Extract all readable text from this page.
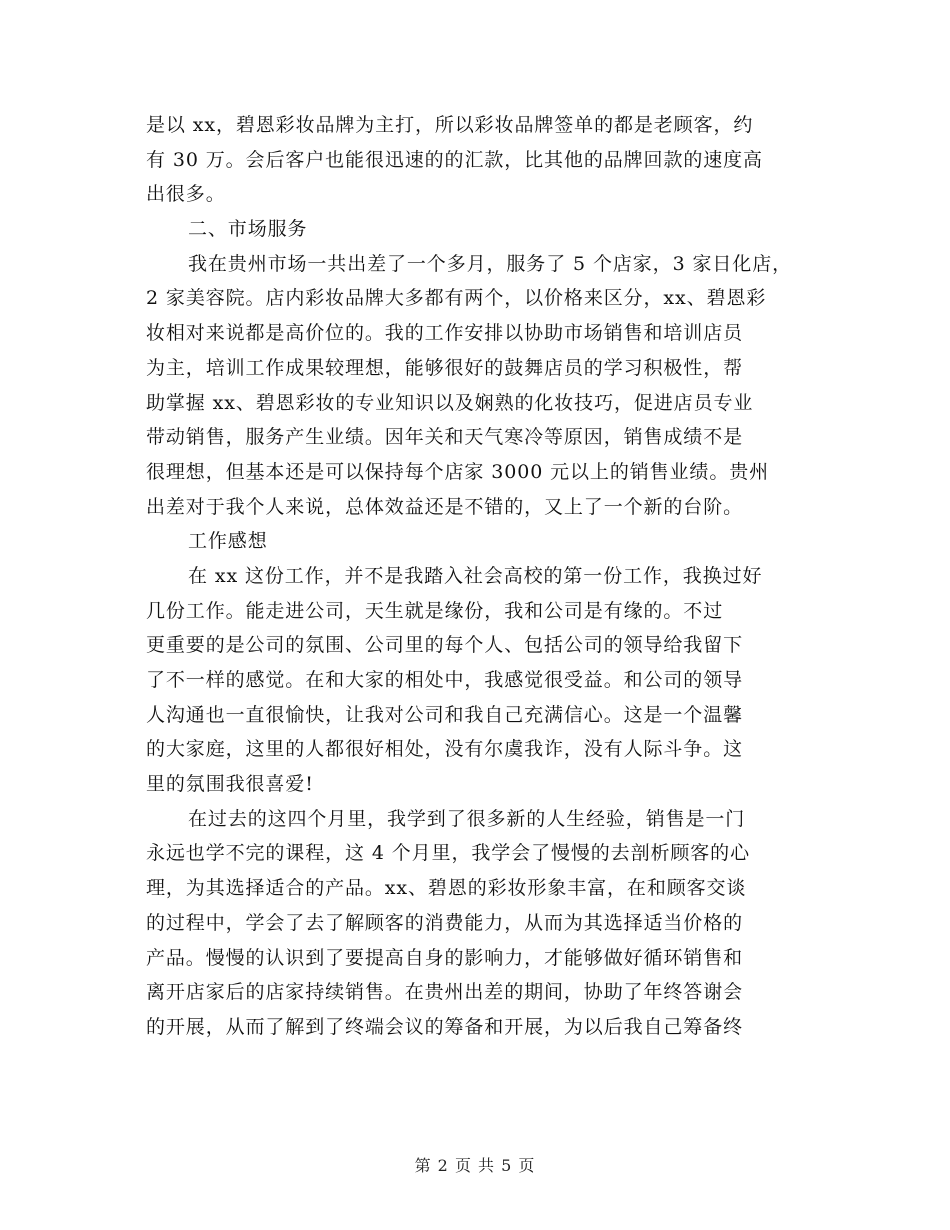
是以 xx，碧恩彩妆品牌为主打，所以彩妆品牌签单的都是老顾客，约
有 30 万。会后客户也能很迅速的的汇款，比其他的品牌回款的速度高
出很多。
二、市场服务
我在贵州市场一共出差了一个多月，服务了 5 个店家，3 家日化店，
2 家美容院。店内彩妆品牌大多都有两个，以价格来区分，xx、碧恩彩
妆相对来说都是高价位的。我的工作安排以协助市场销售和培训店员
为主，培训工作成果较理想，能够很好的鼓舞店员的学习积极性，帮
助掌握 xx、碧恩彩妆的专业知识以及娴熟的化妆技巧，促进店员专业
带动销售，服务产生业绩。因年关和天气寒冷等原因，销售成绩不是
很理想，但基本还是可以保持每个店家 3000 元以上的销售业绩。贵州
出差对于我个人来说，总体效益还是不错的，又上了一个新的台阶。
工作感想
在 xx 这份工作，并不是我踏入社会高校的第一份工作，我换过好
几份工作。能走进公司，天生就是缘份，我和公司是有缘的。不过
更重要的是公司的氛围、公司里的每个人、包括公司的领导给我留下
了不一样的感觉。在和大家的相处中，我感觉很受益。和公司的领导
人沟通也一直很愉快，让我对公司和我自己充满信心。这是一个温馨
的大家庭，这里的人都很好相处，没有尔虞我诈，没有人际斗争。这
里的氛围我很喜爱!
在过去的这四个月里，我学到了很多新的人生经验，销售是一门
永远也学不完的课程，这 4 个月里，我学会了慢慢的去剖析顾客的心
理，为其选择适合的产品。xx、碧恩的彩妆形象丰富，在和顾客交谈
的过程中，学会了去了解顾客的消费能力，从而为其选择适当价格的
产品。慢慢的认识到了要提高自身的影响力，才能够做好循环销售和
离开店家后的店家持续销售。在贵州出差的期间，协助了年终答谢会
的开展，从而了解到了终端会议的筹备和开展，为以后我自己筹备终
第 2 页 共 5 页
